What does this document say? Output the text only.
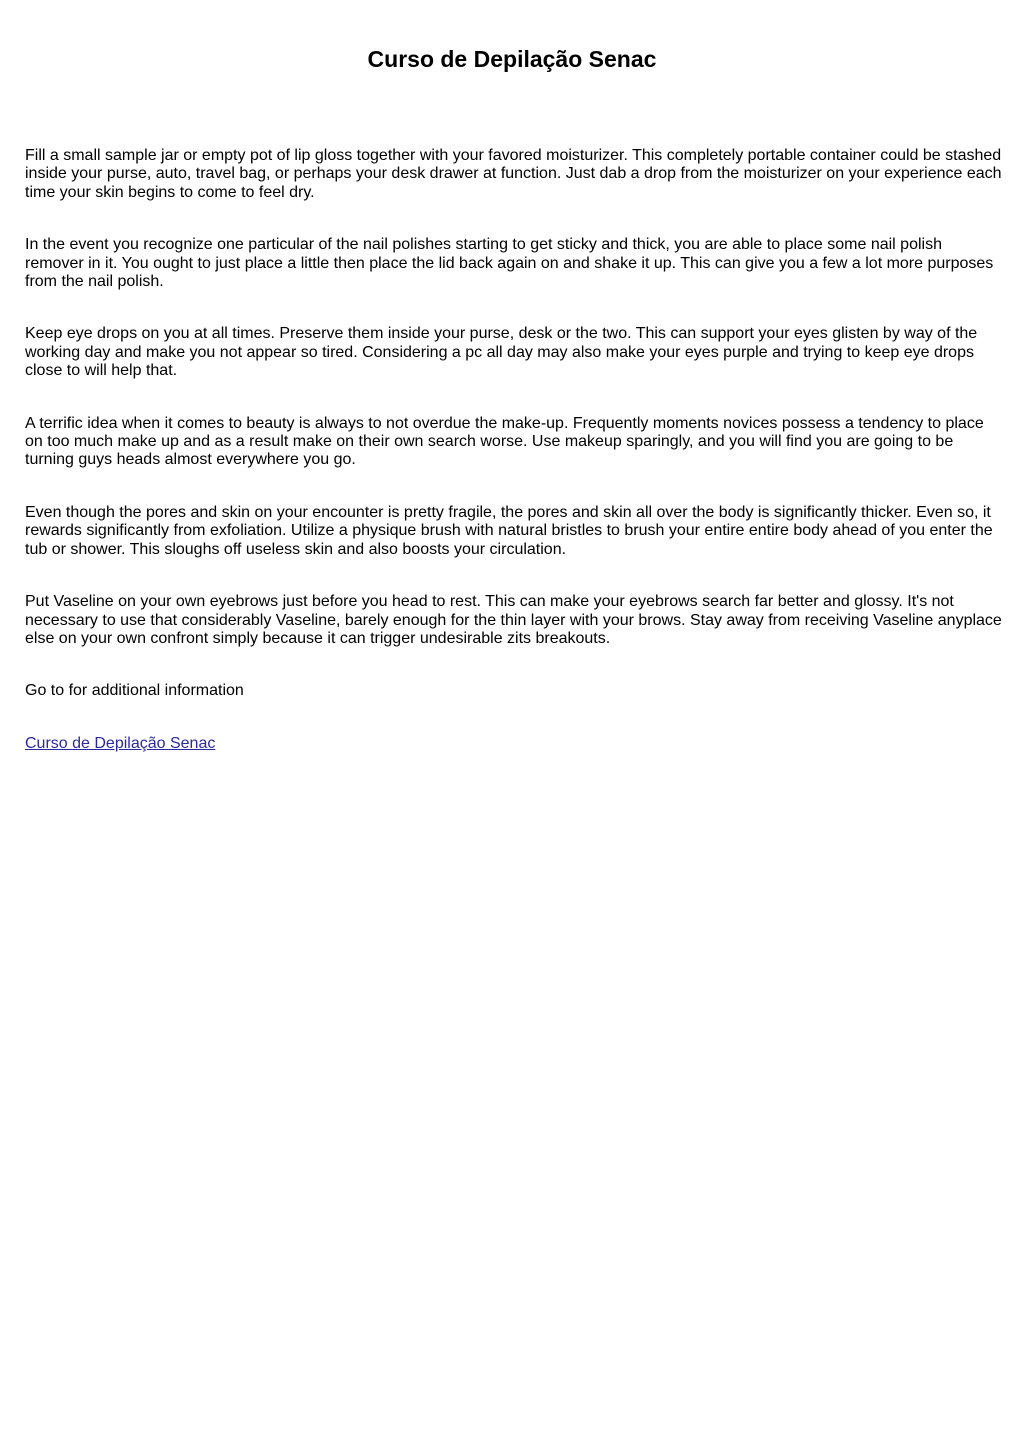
Curso de Depilação Senac

Fill a small sample jar or empty pot of lip gloss together with your favored moisturizer. This completely portable container could be stashed inside your purse, auto, travel bag, or perhaps your desk drawer at function. Just dab a drop from the moisturizer on your experience each time your skin begins to come to feel dry.

In the event you recognize one particular of the nail polishes starting to get sticky and thick, you are able to place some nail polish remover in it. You ought to just place a little then place the lid back again on and shake it up. This can give you a few a lot more purposes from the nail polish.

Keep eye drops on you at all times. Preserve them inside your purse, desk or the two. This can support your eyes glisten by way of the working day and make you not appear so tired. Considering a pc all day may also make your eyes purple and trying to keep eye drops close to will help that.

A terrific idea when it comes to beauty is always to not overdue the make-up. Frequently moments novices possess a tendency to place on too much make up and as a result make on their own search worse. Use makeup sparingly, and you will find you are going to be turning guys heads almost everywhere you go.

Even though the pores and skin on your encounter is pretty fragile, the pores and skin all over the body is significantly thicker. Even so, it rewards significantly from exfoliation. Utilize a physique brush with natural bristles to brush your entire entire body ahead of you enter the tub or shower. This sloughs off useless skin and also boosts your circulation.

Put Vaseline on your own eyebrows just before you head to rest. This can make your eyebrows search far better and glossy. It's not necessary to use that considerably Vaseline, barely enough for the thin layer with your brows. Stay away from receiving Vaseline anyplace else on your own confront simply because it can trigger undesirable zits breakouts.

Go to for additional information

Curso de Depilação Senac
